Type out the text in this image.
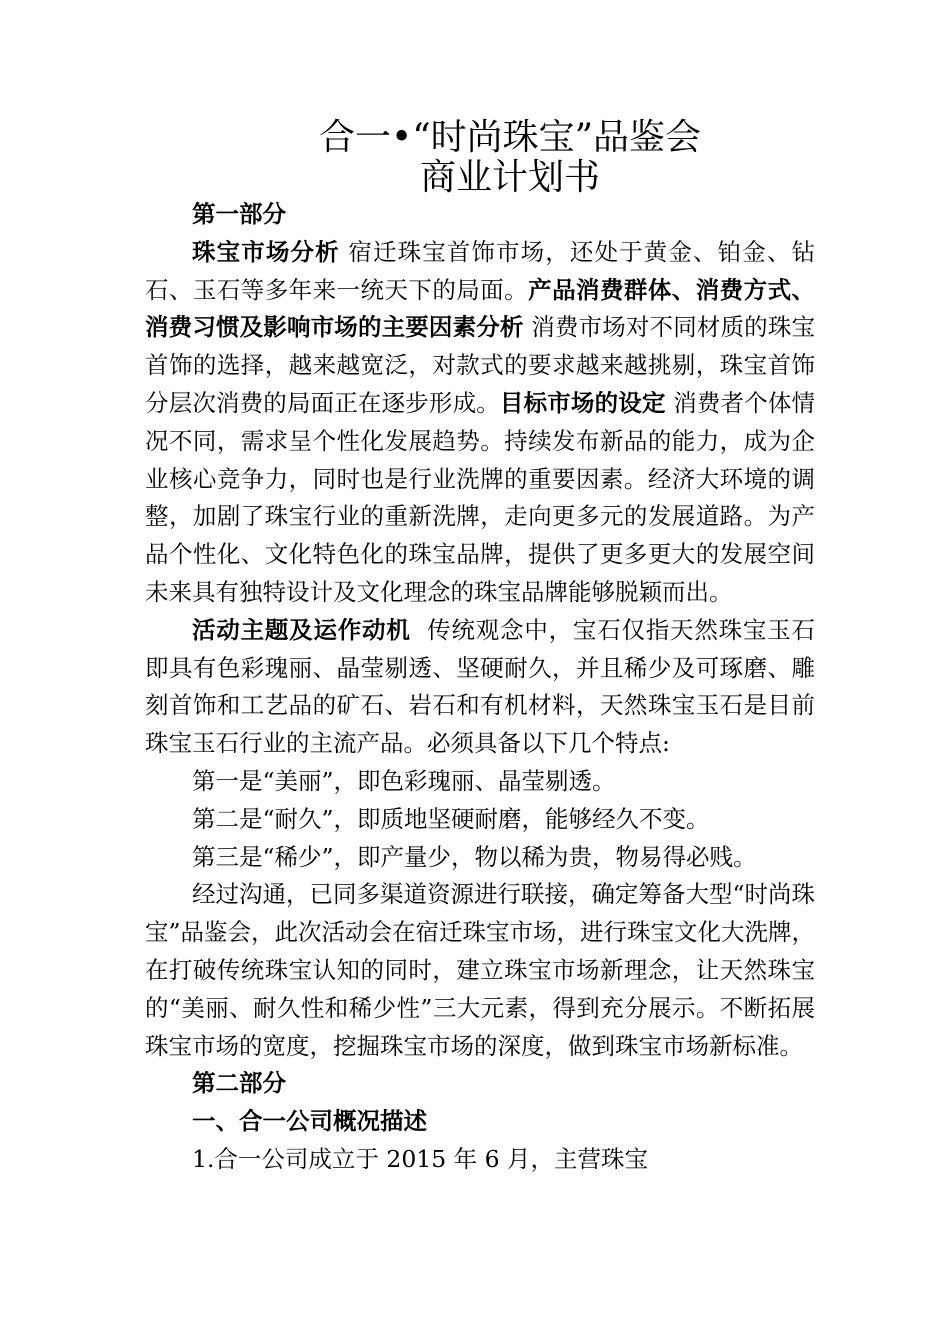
合一•“时尚珠宝”品鉴会
商业计划书

第一部分

珠宝市场分析 宿迁珠宝首饰市场，还处于黄金、铂金、钻石、玉石等多年来一统天下的局面。产品消费群体、消费方式、消费习惯及影响市场的主要因素分析 消费市场对不同材质的珠宝首饰的选择，越来越宽泛，对款式的要求越来越挑剔，珠宝首饰分层次消费的局面正在逐步形成。目标市场的设定 消费者个体情况不同，需求呈个性化发展趋势。持续发布新品的能力，成为企业核心竞争力，同时也是行业洗牌的重要因素。经济大环境的调整，加剧了珠宝行业的重新洗牌，走向更多元的发展道路。为产品个性化、文化特色化的珠宝品牌，提供了更多更大的发展空间未来具有独特设计及文化理念的珠宝品牌能够脱颖而出。

活动主题及运作动机 传统观念中，宝石仅指天然珠宝玉石即具有色彩瑰丽、晶莹剔透、坚硬耐久，并且稀少及可琢磨、雕刻首饰和工艺品的矿石、岩石和有机材料，天然珠宝玉石是目前珠宝玉石行业的主流产品。必须具备以下几个特点:

第一是“美丽”，即色彩瑰丽、晶莹剔透。

第二是“耐久”，即质地坚硬耐磨，能够经久不变。

第三是“稀少”，即产量少，物以稀为贵，物易得必贱。

经过沟通，已同多渠道资源进行联接，确定筹备大型“时尚珠宝”品鉴会，此次活动会在宿迁珠宝市场，进行珠宝文化大洗牌，在打破传统珠宝认知的同时，建立珠宝市场新理念，让天然珠宝的“美丽、耐久性和稀少性”三大元素，得到充分展示。不断拓展珠宝市场的宽度，挖掘珠宝市场的深度，做到珠宝市场新标准。

第二部分

一、合一公司概况描述

1.合一公司成立于 2015 年 6 月，主营珠宝
